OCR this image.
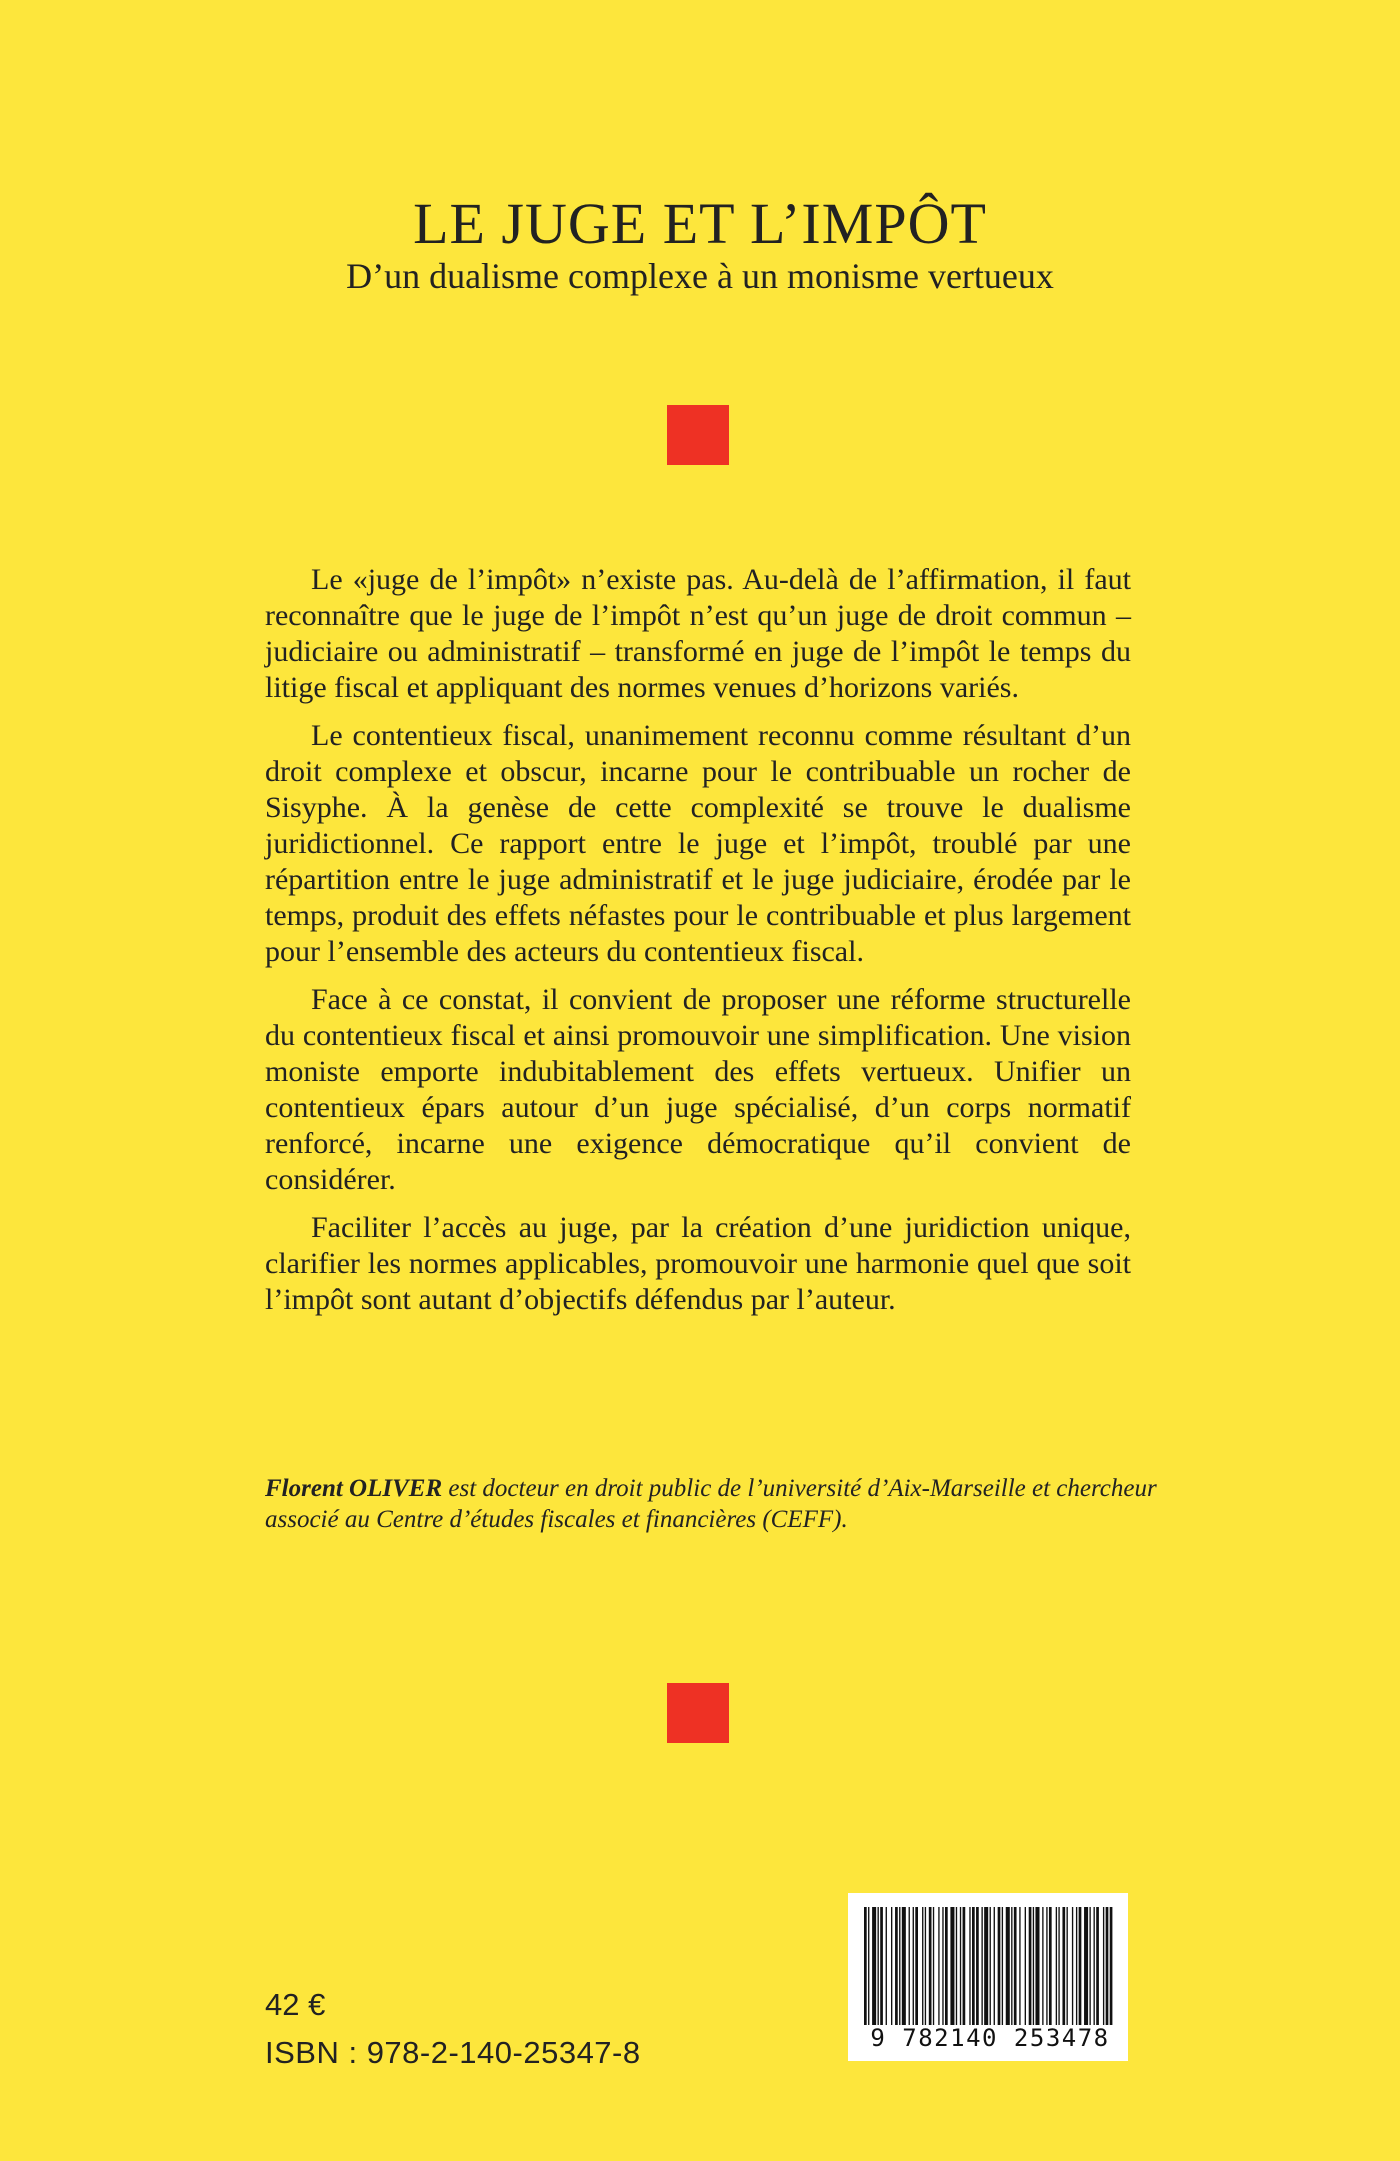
LE JUGE ET L’IMPÔT

D’un dualisme complexe à un monisme vertueux

Le «juge de l’impôt» n’existe pas. Au-delà de l’affirmation, il faut reconnaître que le juge de l’impôt n’est qu’un juge de droit commun – judiciaire ou administratif – transformé en juge de l’impôt le temps du litige fiscal et appliquant des normes venues d’horizons variés.

Le contentieux fiscal, unanimement reconnu comme résultant d’un droit complexe et obscur, incarne pour le contribuable un rocher de Sisyphe. À la genèse de cette complexité se trouve le dualisme juridictionnel. Ce rapport entre le juge et l’impôt, troublé par une répartition entre le juge administratif et le juge judiciaire, érodée par le temps, produit des effets néfastes pour le contribuable et plus largement pour l’ensemble des acteurs du contentieux fiscal.

Face à ce constat, il convient de proposer une réforme structurelle du contentieux fiscal et ainsi promouvoir une simplification. Une vision moniste emporte indubitablement des effets vertueux. Unifier un contentieux épars autour d’un juge spécialisé, d’un corps normatif renforcé, incarne une exigence démocratique qu’il convient de considérer.

Faciliter l’accès au juge, par la création d’une juridiction unique, clarifier les normes applicables, promouvoir une harmonie quel que soit l’impôt sont autant d’objectifs défendus par l’auteur.

Florent OLIVER est docteur en droit public de l’université d’Aix-Marseille et chercheur associé au Centre d’études fiscales et financières (CEFF).

42 €

ISBN : 978-2-140-25347-8	9 782140 253478
